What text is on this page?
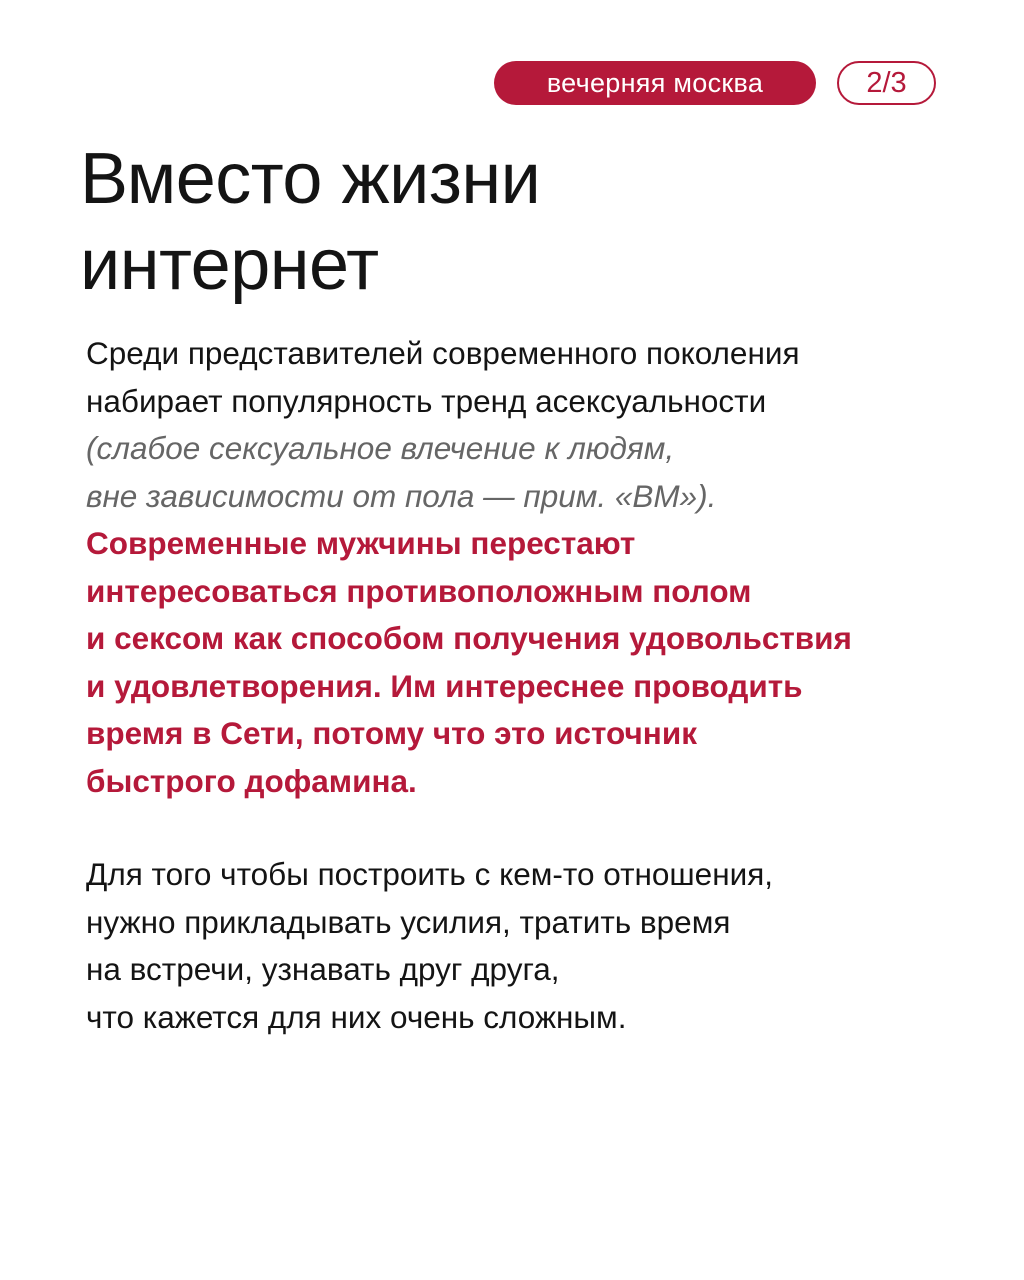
вечерняя москва	2/3
Вместо жизни
интернет
Среди представителей современного поколения
набирает популярность тренд асексуальности
(слабое сексуальное влечение к людям,
вне зависимости от пола — прим. «ВМ»).
Современные мужчины перестают
интересоваться противоположным полом
и сексом как способом получения удовольствия
и удовлетворения. Им интереснее проводить
время в Сети, потому что это источник
быстрого дофамина.
Для того чтобы построить с кем-то отношения,
нужно прикладывать усилия, тратить время
на встречи, узнавать друг друга,
что кажется для них очень сложным.
